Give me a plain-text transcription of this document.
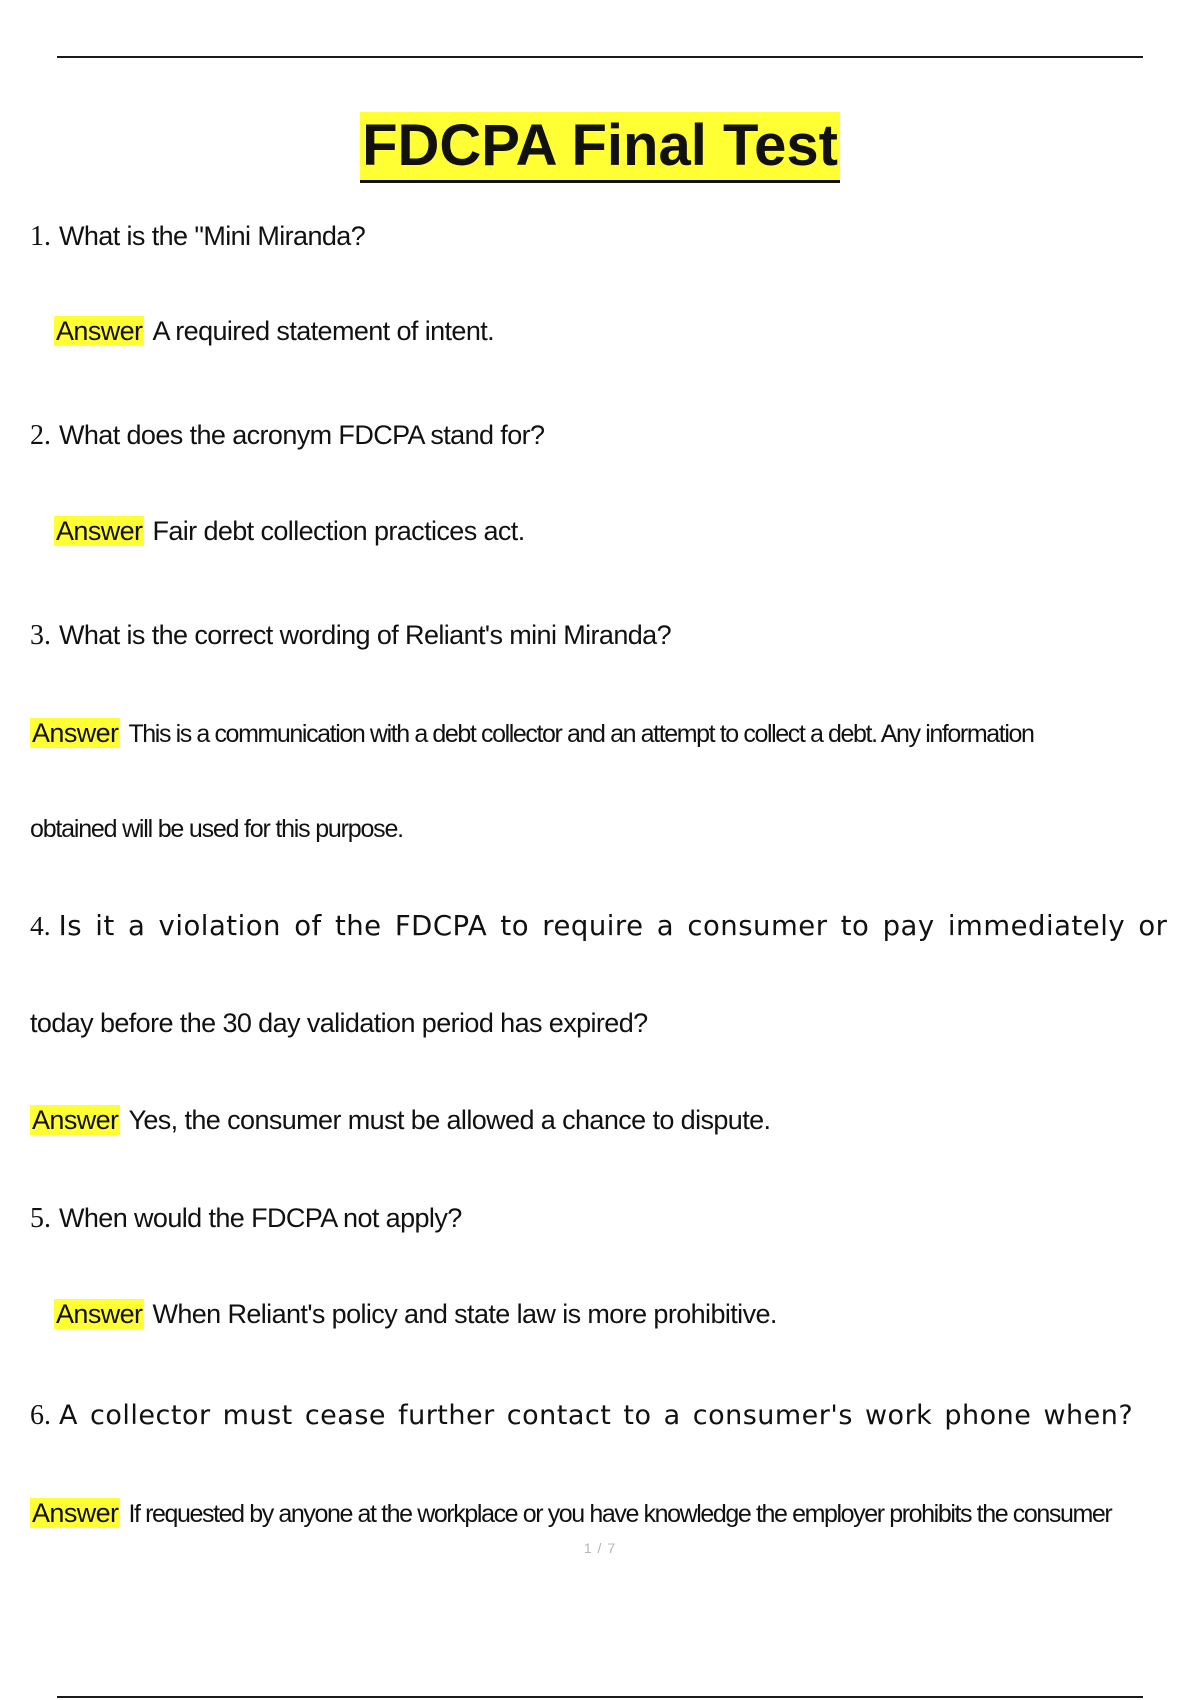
FDCPA Final Test
1. What is the "Mini Miranda?
Answer A required statement of intent.
2. What does the acronym FDCPA stand for?
Answer Fair debt collection practices act.
3. What is the correct wording of Reliant's mini Miranda?
Answer This is a communication with a debt collector and an attempt to collect a debt. Any information
obtained will be used for this purpose.
4. Is it a violation of the FDCPA to require a consumer to pay immediately or
today before the 30 day validation period has expired?
Answer Yes, the consumer must be allowed a chance to dispute.
5. When would the FDCPA not apply?
Answer When Reliant's policy and state law is more prohibitive.
6. A collector must cease further contact to a consumer's work phone when?
Answer If requested by anyone at the workplace or you have knowledge the employer prohibits the consumer
1 / 7
